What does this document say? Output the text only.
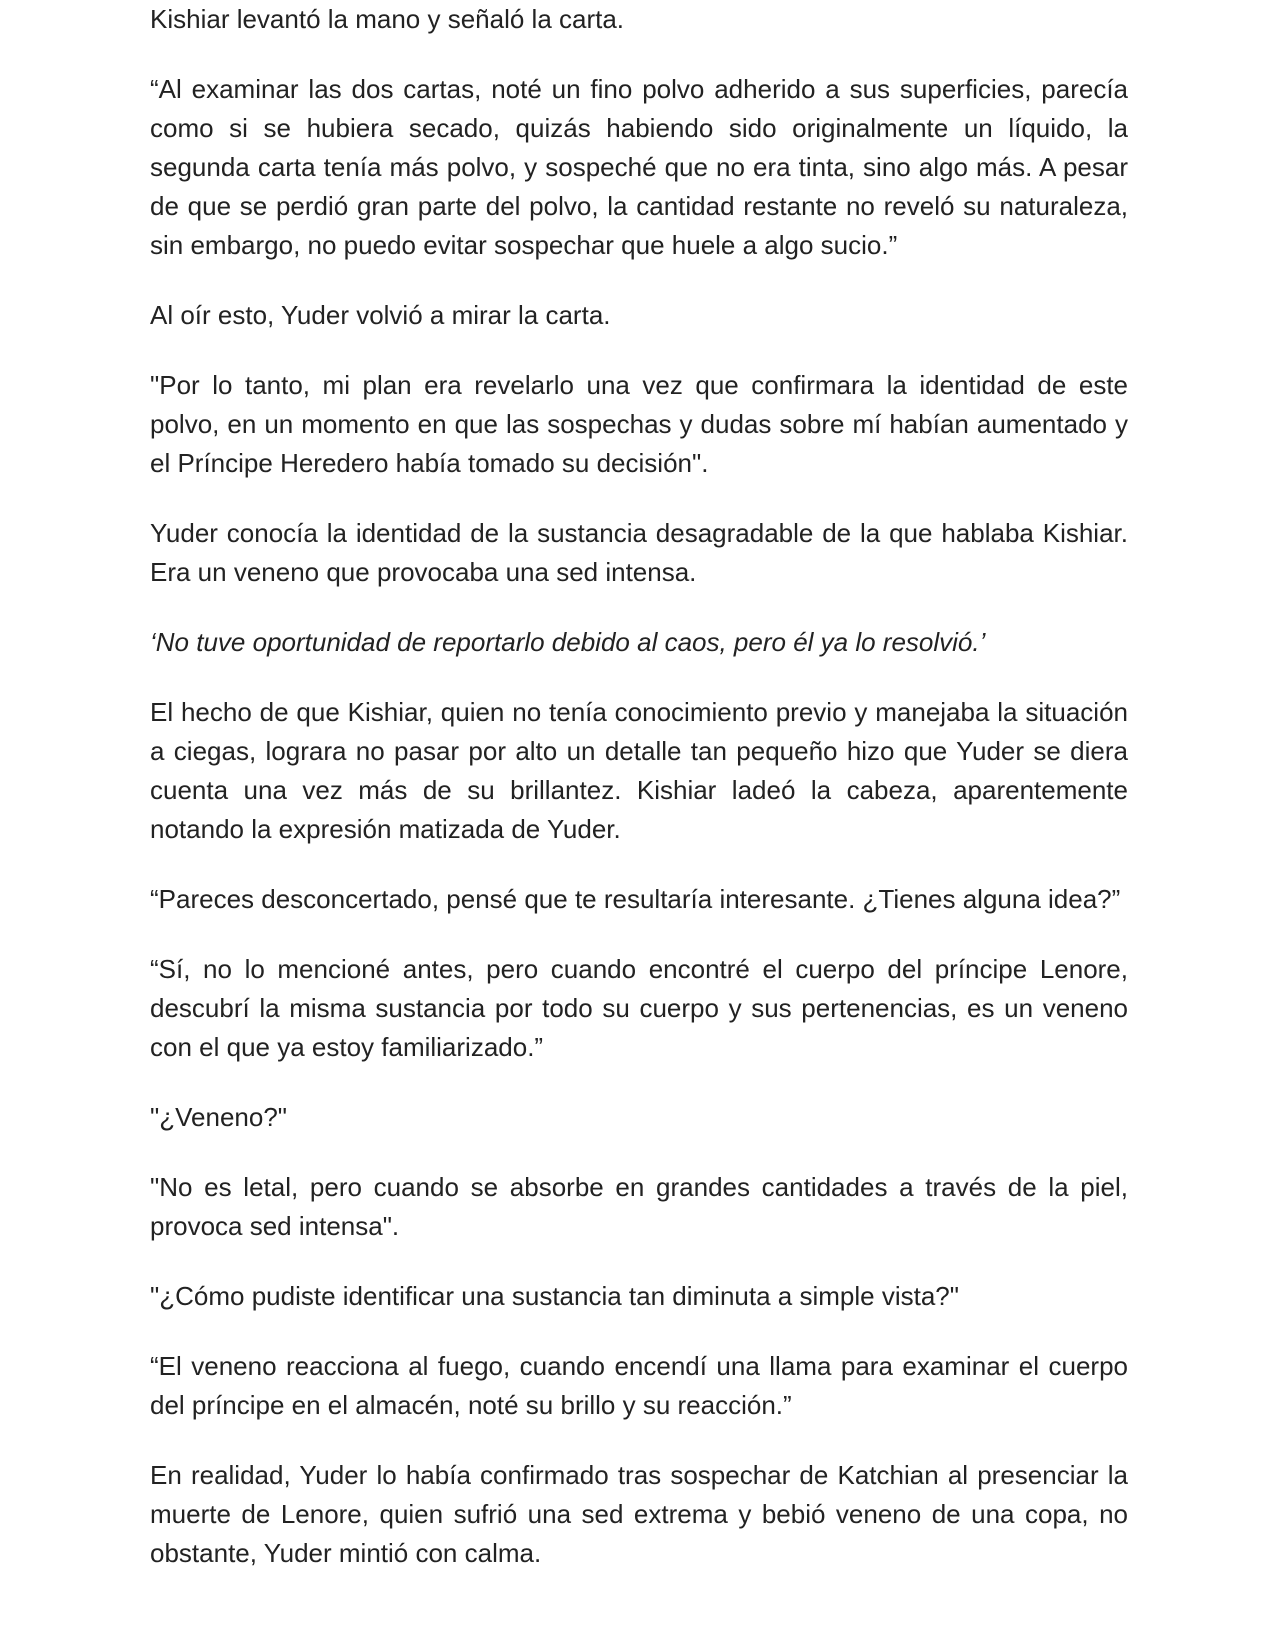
Kishiar levantó la mano y señaló la carta.

“Al examinar las dos cartas, noté un fino polvo adherido a sus superficies, parecía como si se hubiera secado, quizás habiendo sido originalmente un líquido, la segunda carta tenía más polvo, y sospeché que no era tinta, sino algo más. A pesar de que se perdió gran parte del polvo, la cantidad restante no reveló su naturaleza, sin embargo, no puedo evitar sospechar que huele a algo sucio.”

Al oír esto, Yuder volvió a mirar la carta.

"Por lo tanto, mi plan era revelarlo una vez que confirmara la identidad de este polvo, en un momento en que las sospechas y dudas sobre mí habían aumentado y el Príncipe Heredero había tomado su decisión".

Yuder conocía la identidad de la sustancia desagradable de la que hablaba Kishiar. Era un veneno que provocaba una sed intensa.

‘No tuve oportunidad de reportarlo debido al caos, pero él ya lo resolvió.’

El hecho de que Kishiar, quien no tenía conocimiento previo y manejaba la situación a ciegas, lograra no pasar por alto un detalle tan pequeño hizo que Yuder se diera cuenta una vez más de su brillantez. Kishiar ladeó la cabeza, aparentemente notando la expresión matizada de Yuder.

“Pareces desconcertado, pensé que te resultaría interesante. ¿Tienes alguna idea?”

“Sí, no lo mencioné antes, pero cuando encontré el cuerpo del príncipe Lenore, descubrí la misma sustancia por todo su cuerpo y sus pertenencias, es un veneno con el que ya estoy familiarizado.”

"¿Veneno?"

"No es letal, pero cuando se absorbe en grandes cantidades a través de la piel, provoca sed intensa".

"¿Cómo pudiste identificar una sustancia tan diminuta a simple vista?"

“El veneno reacciona al fuego, cuando encendí una llama para examinar el cuerpo del príncipe en el almacén, noté su brillo y su reacción.”

En realidad, Yuder lo había confirmado tras sospechar de Katchian al presenciar la muerte de Lenore, quien sufrió una sed extrema y bebió veneno de una copa, no obstante, Yuder mintió con calma.
